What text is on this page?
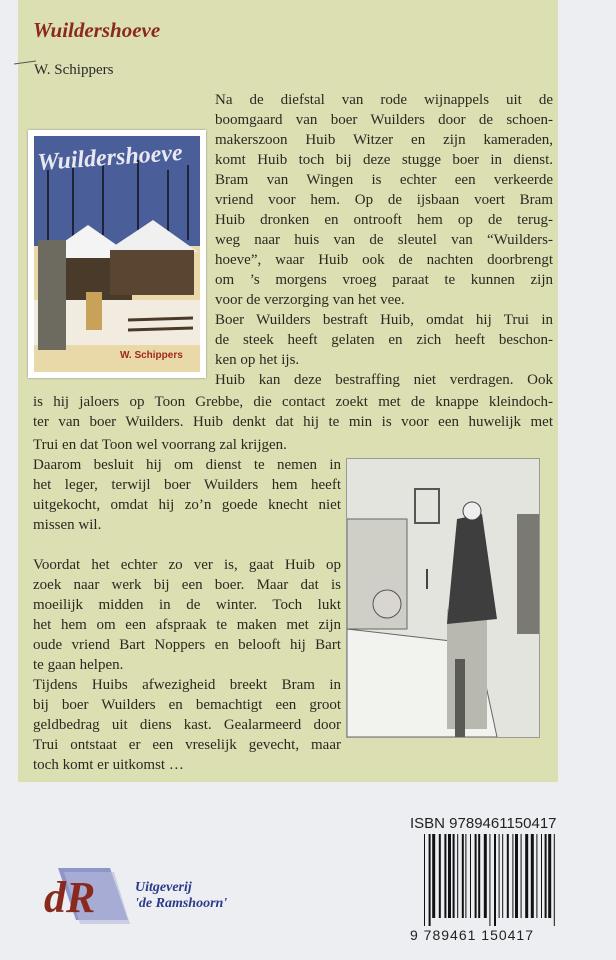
Wuildershoeve
W. Schippers
Wuildershoeve
W. Schippers
Na de diefstal van rode wijnappels uit de
boomgaard van boer Wuilders door de schoen-
makerszoon Huib Witzer en zijn kameraden,
komt Huib toch bij deze stugge boer in dienst.
Bram van Wingen is echter een verkeerde
vriend voor hem. Op de ijsbaan voert Bram
Huib dronken en ontrooft hem op de terug-
weg naar huis van de sleutel van “Wuilders-
hoeve”, waar Huib ook de nachten doorbrengt
om ’s morgens vroeg paraat te kunnen zijn
voor de verzorging van het vee.
Boer Wuilders bestraft Huib, omdat hij Trui in
de steek heeft gelaten en zich heeft beschon-
ken op het ijs.
Huib kan deze bestraffing niet verdragen. Ook
is hij jaloers op Toon Grebbe, die contact zoekt met de knappe kleindoch-
ter van boer Wuilders. Huib denkt dat hij te min is voor een huwelijk met
Trui en dat Toon wel voorrang zal krijgen.
Daarom besluit hij om dienst te nemen in
het leger, terwijl boer Wuilders hem heeft
uitgekocht, omdat hij zo’n goede knecht niet
missen wil.
Voordat het echter zo ver is, gaat Huib op
zoek naar werk bij een boer. Maar dat is
moeilijk midden in de winter. Toch lukt
het hem om een afspraak te maken met zijn
oude vriend Bart Noppers en belooft hij Bart
te gaan helpen.
Tijdens Huibs afwezigheid breekt Bram in
bij boer Wuilders en bemachtigt een groot
geldbedrag uit diens kast. Gealarmeerd door
Trui ontstaat er een vreselijk gevecht, maar
toch komt er uitkomst …
dR	Uitgeverij
'de Ramshoorn'
ISBN 9789461150417
9 789461 150417
